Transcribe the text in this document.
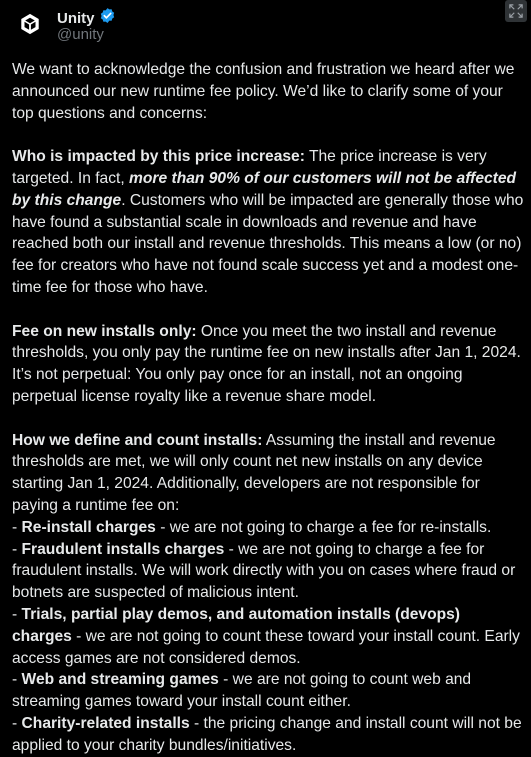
Unity
@unity

We want to acknowledge the confusion and frustration we heard after we announced our new runtime fee policy. We’d like to clarify some of your top questions and concerns:

Who is impacted by this price increase: The price increase is very targeted. In fact, more than 90% of our customers will not be affected by this change. Customers who will be impacted are generally those who have found a substantial scale in downloads and revenue and have reached both our install and revenue thresholds. This means a low (or no) fee for creators who have not found scale success yet and a modest one-time fee for those who have.

Fee on new installs only: Once you meet the two install and revenue thresholds, you only pay the runtime fee on new installs after Jan 1, 2024. It’s not perpetual: You only pay once for an install, not an ongoing perpetual license royalty like a revenue share model.

How we define and count installs: Assuming the install and revenue thresholds are met, we will only count net new installs on any device starting Jan 1, 2024. Additionally, developers are not responsible for paying a runtime fee on:
- Re-install charges - we are not going to charge a fee for re-installs.
- Fraudulent installs charges - we are not going to charge a fee for fraudulent installs. We will work directly with you on cases where fraud or botnets are suspected of malicious intent.
- Trials, partial play demos, and automation installs (devops) charges - we are not going to count these toward your install count. Early access games are not considered demos.
- Web and streaming games - we are not going to count web and streaming games toward your install count either.
- Charity-related installs - the pricing change and install count will not be applied to your charity bundles/initiatives.
